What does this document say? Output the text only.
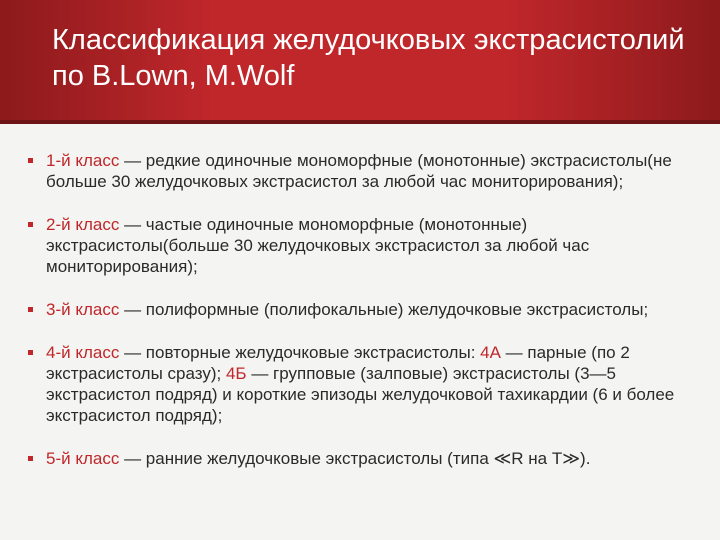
Классификация желудочковых экстрасистолий по B.Lown, M.Wolf
1-й класс — редкие одиночные мономорфные (монотонные) экстрасистолы(не больше 30 желудочковых экстрасистол за любой час мониторирования);
2-й класс — частые одиночные мономорфные (монотонные) экстрасистолы(больше 30 желудочковых экстрасистол за любой час мониторирования);
3-й класс — полиформные (полифокальные) желудочковые экстрасистолы;
4-й класс — повторные желудочковые экстрасистолы: 4А — парные (по 2 экстрасистолы сразу); 4Б — групповые (залповые) экстрасистолы (3—5 экстрасистол подряд) и короткие эпизоды желудочковой тахикардии (6 и более экстрасистол подряд);
5-й класс — ранние желудочковые экстрасистолы (типа ≪R на Т≫).
